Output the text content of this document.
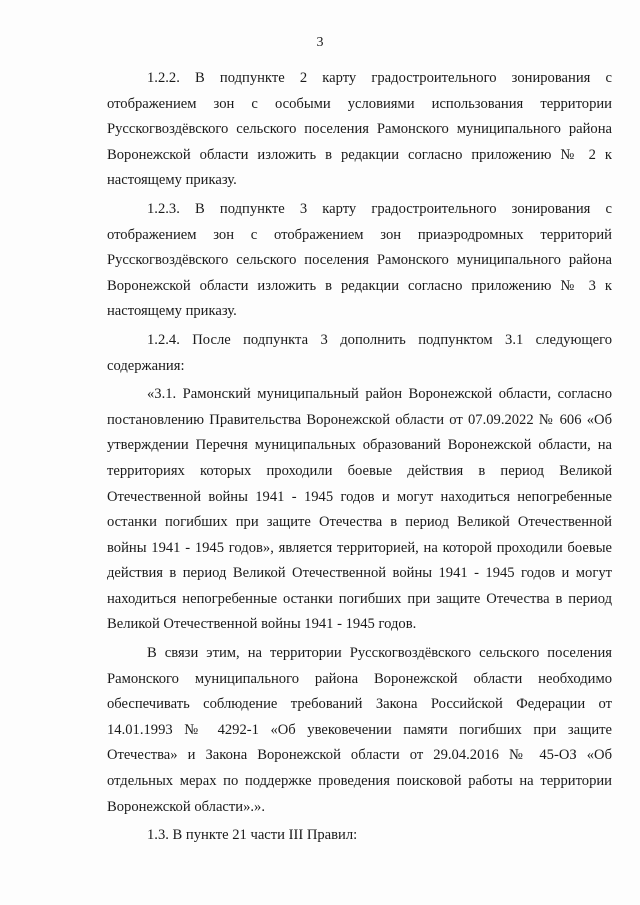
3

1.2.2. В подпункте 2 карту градостроительного зонирования с отображением зон с особыми условиями использования территории Русскогвоздёвского сельского поселения Рамонского муниципального района Воронежской области изложить в редакции согласно приложению № 2 к настоящему приказу.

1.2.3. В подпункте 3 карту градостроительного зонирования с отображением зон с отображением зон приаэродромных территорий Русскогвоздёвского сельского поселения Рамонского муниципального района Воронежской области изложить в редакции согласно приложению № 3 к настоящему приказу.

1.2.4. После подпункта 3 дополнить подпунктом 3.1 следующего содержания:

«3.1. Рамонский муниципальный район Воронежской области, согласно постановлению Правительства Воронежской области от 07.09.2022 № 606 «Об утверждении Перечня муниципальных образований Воронежской области, на территориях которых проходили боевые действия в период Великой Отечественной войны 1941 - 1945 годов и могут находиться непогребенные останки погибших при защите Отечества в период Великой Отечественной войны 1941 - 1945 годов», является территорией, на которой проходили боевые действия в период Великой Отечественной войны 1941 - 1945 годов и могут находиться непогребенные останки погибших при защите Отечества в период Великой Отечественной войны 1941 - 1945 годов.

В связи этим, на территории Русскогвоздёвского сельского поселения Рамонского муниципального района Воронежской области необходимо обеспечивать соблюдение требований Закона Российской Федерации от 14.01.1993 № 4292-1 «Об увековечении памяти погибших при защите Отечества» и Закона Воронежской области от 29.04.2016 № 45-ОЗ «Об отдельных мерах по поддержке проведения поисковой работы на территории Воронежской области».».

1.3. В пункте 21 части III Правил:
